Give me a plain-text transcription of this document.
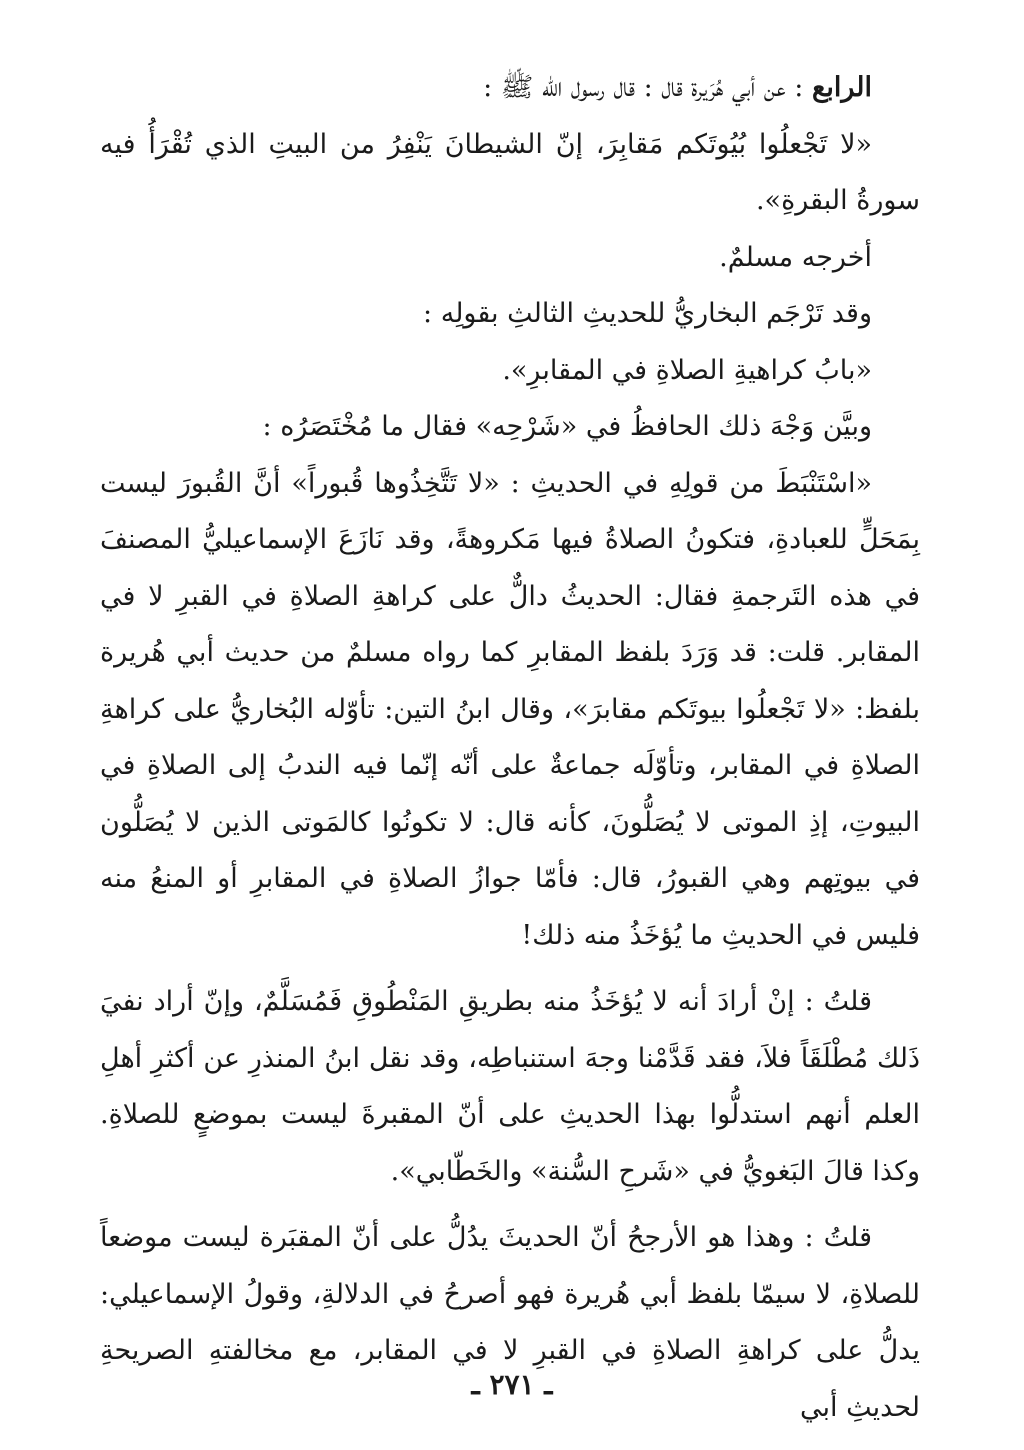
الرابع : عن أبي هُرَيرة قال : قال رسول الله ﷺ :

«لا تَجْعلُوا بُيُوتَكم مَقابِرَ، إنّ الشيطانَ يَنْفِرُ من البيتِ الذي تُقْرَأُ فيه سورةُ البقرةِ».

أخرجه مسلمٌ.

وقد تَرْجَم البخاريُّ للحديثِ الثالثِ بقولِه :

«بابُ كراهيةِ الصلاةِ في المقابرِ».

وبيَّن وَجْهَ ذلك الحافظُ في «شَرْحِه» فقال ما مُخْتَصَرُه :

«اسْتَنْبَطَ من قولِهِ في الحديثِ : «لا تَتَّخِذُوها قُبوراً» أنَّ القُبورَ ليست بِمَحَلٍّ للعبادةِ، فتكونُ الصلاةُ فيها مَكروهةً، وقد نَازَعَ الإسماعيليُّ المصنفَ في هذه التَرجمةِ فقال: الحديثُ دالٌّ على كراهةِ الصلاةِ في القبرِ لا في المقابر. قلت: قد وَرَدَ بلفظ المقابرِ كما رواه مسلمٌ من حديث أبي هُريرة بلفظ: «لا تَجْعلُوا بيوتَكم مقابرَ»، وقال ابنُ التين: تأوّله البُخاريُّ على كراهةِ الصلاةِ في المقابر، وتأوّلَه جماعةٌ على أنّه إنّما فيه الندبُ إلى الصلاةِ في البيوتِ، إذِ الموتى لا يُصَلُّونَ، كأنه قال: لا تكونُوا كالمَوتى الذين لا يُصَلُّون في بيوتِهم وهي القبورُ، قال: فأمّا جوازُ الصلاةِ في المقابرِ أو المنعُ منه فليس في الحديثِ ما يُؤخَذُ منه ذلك!

قلتُ : إنْ أرادَ أنه لا يُؤخَذُ منه بطريقِ المَنْطُوقِ فَمُسَلَّمٌ، وإنّ أراد نفيَ ذَلك مُطْلَقَاً فلاَ، فقد قَدَّمْنا وجهَ استنباطِه، وقد نقل ابنُ المنذرِ عن أكثرِ أهلِ العلم أنهم استدلُّوا بهذا الحديثِ على أنّ المقبرةَ ليست بموضعٍ للصلاةِ. وكذا قالَ البَغويُّ في «شَرحِ السُّنة» والخَطّابي».

قلتُ : وهذا هو الأرجحُ أنّ الحديثَ يدُلُّ على أنّ المقبَرة ليست موضعاً للصلاةِ، لا سيمّا بلفظ أبي هُريرة فهو أصرحُ في الدلالةِ، وقولُ الإسماعيلي: يدلُّ على كراهةِ الصلاةِ في القبرِ لا في المقابر، مع مخالفتهِ الصريحةِ لحديثِ أبي

ـ ٢٧١ ـ
